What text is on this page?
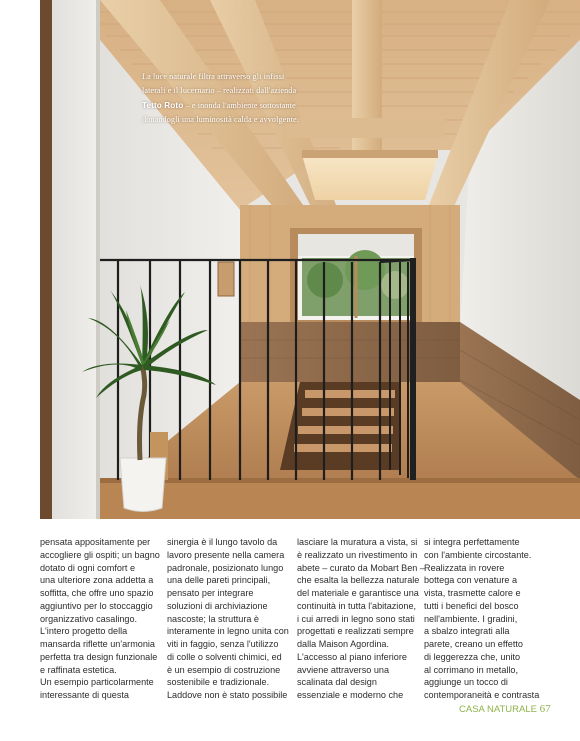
La luce naturale filtra attraverso gli infissi
laterali e il lucernario – realizzati dall'azienda
Tetto Roto – e inonda l'ambiente sottostante
donandogli una luminosità calda e avvolgente.
pensata appositamente per
accogliere gli ospiti; un bagno
dotato di ogni comfort e
una ulteriore zona addetta a
soffitta, che offre uno spazio
aggiuntivo per lo stoccaggio
organizzativo casalingo.
L'intero progetto della
mansarda riflette un'armonia
perfetta tra design funzionale
e raffinata estetica.
Un esempio particolarmente
interessante di questa
sinergia è il lungo tavolo da
lavoro presente nella camera
padronale, posizionato lungo
una delle pareti principali,
pensato per integrare
soluzioni di archiviazione
nascoste; la struttura è
interamente in legno unita con
viti in faggio, senza l'utilizzo
di colle o solventi chimici, ed
è un esempio di costruzione
sostenibile e tradizionale.
Laddove non è stato possibile
lasciare la muratura a vista, si
è realizzato un rivestimento in
abete – curato da Mobart Ben –
che esalta la bellezza naturale
del materiale e garantisce una
continuità in tutta l'abitazione,
i cui arredi in legno sono stati
progettati e realizzati sempre
dalla Maison Agordina.
L'accesso al piano inferiore
avviene attraverso una
scalinata dal design
essenziale e moderno che
si integra perfettamente
con l'ambiente circostante.
Realizzata in rovere
bottega con venature a
vista, trasmette calore e
tutti i benefici del bosco
nell'ambiente. I gradini,
a sbalzo integrati alla
parete, creano un effetto
di leggerezza che, unito
al corrimano in metallo,
aggiunge un tocco di
contemporaneità e contrasta
CASA NATURALE 67
